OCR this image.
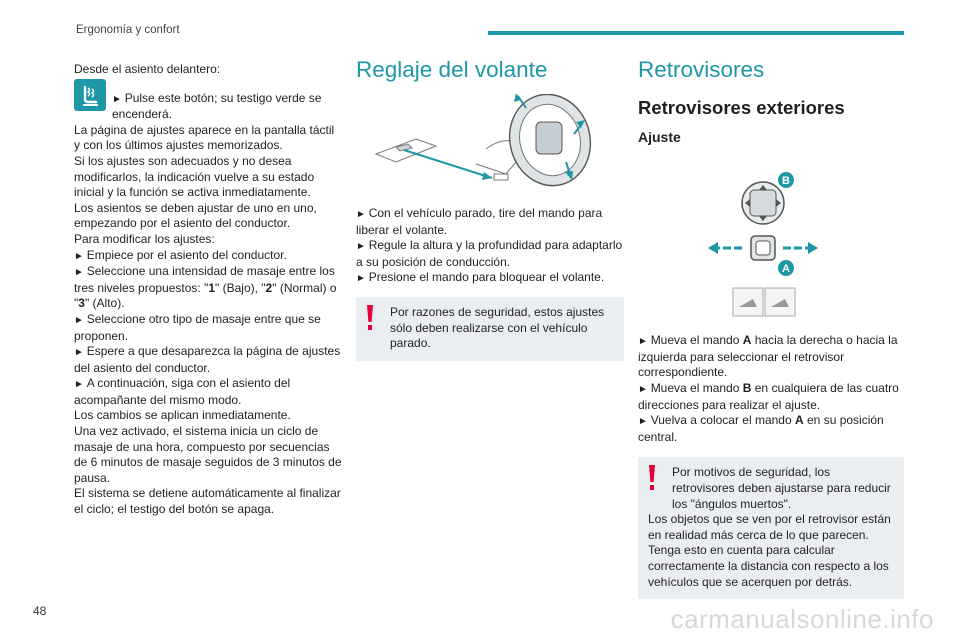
Ergonomía y confort

Desde el asiento delantero:

► Pulse este botón; su testigo verde se encenderá.

La página de ajustes aparece en la pantalla táctil y con los últimos ajustes memorizados.

Si los ajustes son adecuados y no desea modificarlos, la indicación vuelve a su estado inicial y la función se activa inmediatamente.

Los asientos se deben ajustar de uno en uno, empezando por el asiento del conductor.

Para modificar los ajustes:

► Empiece por el asiento del conductor.

► Seleccione una intensidad de masaje entre los tres niveles propuestos: "1" (Bajo), "2" (Normal) o "3" (Alto).

► Seleccione otro tipo de masaje entre que se proponen.

► Espere a que desaparezca la página de ajustes del asiento del conductor.

► A continuación, siga con el asiento del acompañante del mismo modo.

Los cambios se aplican inmediatamente.

Una vez activado, el sistema inicia un ciclo de masaje de una hora, compuesto por secuencias de 6 minutos de masaje seguidos de 3 minutos de pausa.

El sistema se detiene automáticamente al finalizar el ciclo; el testigo del botón se apaga.

Reglaje del volante

► Con el vehículo parado, tire del mando para liberar el volante.

► Regule la altura y la profundidad para adaptarlo a su posición de conducción.

► Presione el mando para bloquear el volante.

Por razones de seguridad, estos ajustes sólo deben realizarse con el vehículo parado.

Retrovisores
Retrovisores exteriores
Ajuste
B
A

► Mueva el mando A hacia la derecha o hacia la izquierda para seleccionar el retrovisor correspondiente.

► Mueva el mando B en cualquiera de las cuatro direcciones para realizar el ajuste.

► Vuelva a colocar el mando A en su posición central.

Por motivos de seguridad, los retrovisores deben ajustarse para reducir los "ángulos muertos".

Los objetos que se ven por el retrovisor están en realidad más cerca de lo que parecen. Tenga esto en cuenta para calcular correctamente la distancia con respecto a los vehículos que se acerquen por detrás.

48	carmanualsonline.info
